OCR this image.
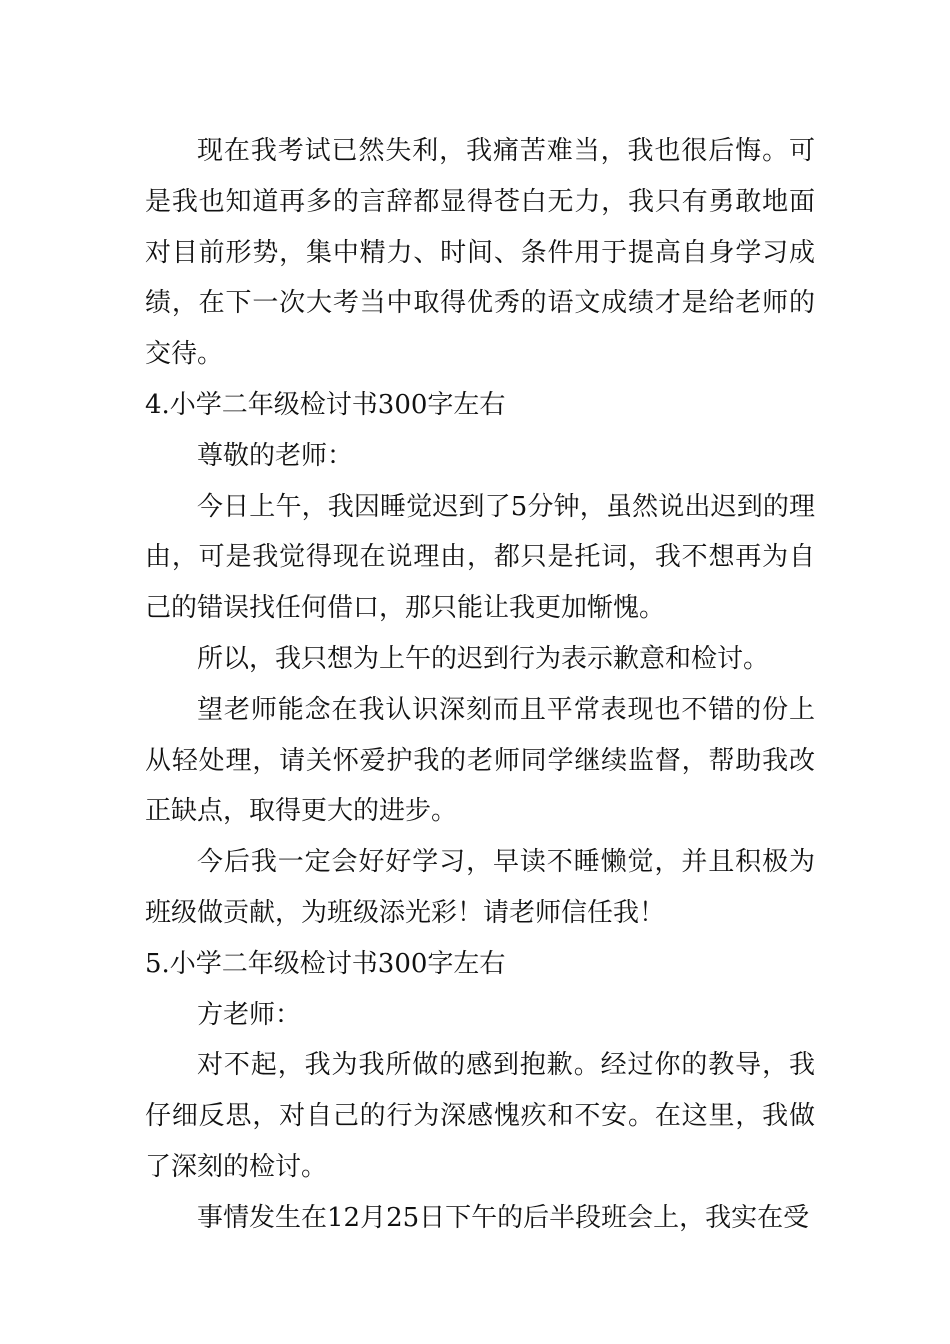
现在我考试已然失利，我痛苦难当，我也很后悔。可是我也知道再多的言辞都显得苍白无力，我只有勇敢地面对目前形势，集中精力、时间、条件用于提高自身学习成绩，在下一次大考当中取得优秀的语文成绩才是给老师的交待。

4.小学二年级检讨书300字左右

尊敬的老师：

今日上午，我因睡觉迟到了5分钟，虽然说出迟到的理由，可是我觉得现在说理由，都只是托词，我不想再为自己的错误找任何借口，那只能让我更加惭愧。

所以，我只想为上午的迟到行为表示歉意和检讨。

望老师能念在我认识深刻而且平常表现也不错的份上从轻处理，请关怀爱护我的老师同学继续监督，帮助我改正缺点，取得更大的进步。

今后我一定会好好学习，早读不睡懒觉，并且积极为班级做贡献，为班级添光彩！请老师信任我！

5.小学二年级检讨书300字左右

方老师：

对不起，我为我所做的感到抱歉。经过你的教导，我仔细反思，对自己的行为深感愧疚和不安。在这里，我做了深刻的检讨。

事情发生在12月25日下午的后半段班会上，我实在受
